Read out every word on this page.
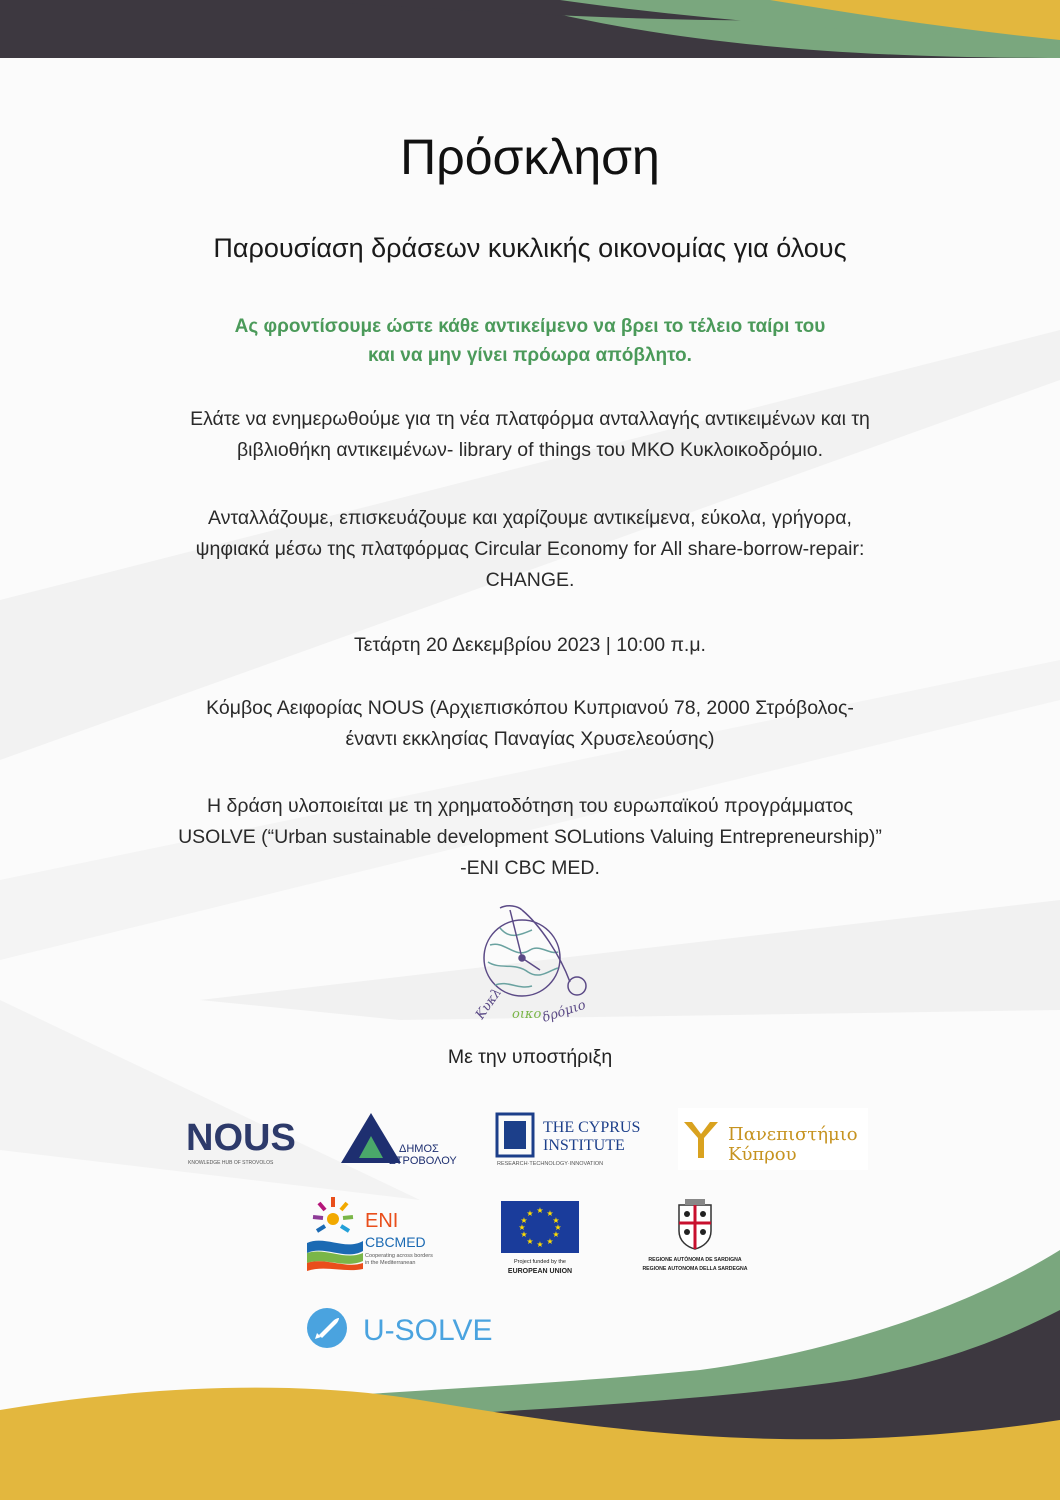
Πρόσκληση
Παρουσίαση δράσεων κυκλικής οικονομίας για όλους
Ας φροντίσουμε ώστε κάθε αντικείμενο να βρει το τέλειο ταίρι του
και να μην γίνει πρόωρα απόβλητο.
Ελάτε να ενημερωθούμε για τη νέα πλατφόρμα ανταλλαγής αντικειμένων και τη
βιβλιοθήκη αντικειμένων- library of things του ΜΚΟ Κυκλοικοδρόμιο.
Ανταλλάζουμε, επισκευάζουμε και χαρίζουμε αντικείμενα, εύκολα, γρήγορα,
ψηφιακά μέσω της πλατφόρμας Circular Economy for All share-borrow-repair:
CHANGE.
Τετάρτη 20 Δεκεμβρίου 2023 | 10:00 π.μ.
Κόμβος Αειφορίας NOUS (Αρχιεπισκόπου Κυπριανού 78, 2000 Στρόβολος-
έναντι εκκλησίας Παναγίας Χρυσελεούσης)
Η δράση υλοποιείται με τη χρηματοδότηση του ευρωπαϊκού προγράμματος
USOLVE (“Urban sustainable development SOLutions Valuing Entrepreneurship)”
-ENI CBC MED.
Κυκλ οικο δρόμιο
Με την υποστήριξη
NOUS
KNOWLEDGE HUB OF STROVOLOS
ΔΗΜΟΣ
ΣΤΡΟΒΟΛΟΥ
THE CYPRUS
INSTITUTE
RESEARCH·TECHNOLOGY·INNOVATION
Πανεπιστήμιο
Κύπρου
ENI
CBCMED
Cooperating across borders
in the Mediterranean
★ ★
★
★
★
★
★
★
★
★
★
★
Project funded by the
EUROPEAN UNION
REGIONE AUTÒNOMA DE SARDIGNA
REGIONE AUTONOMA DELLA SARDEGNA
U-SOLVE
